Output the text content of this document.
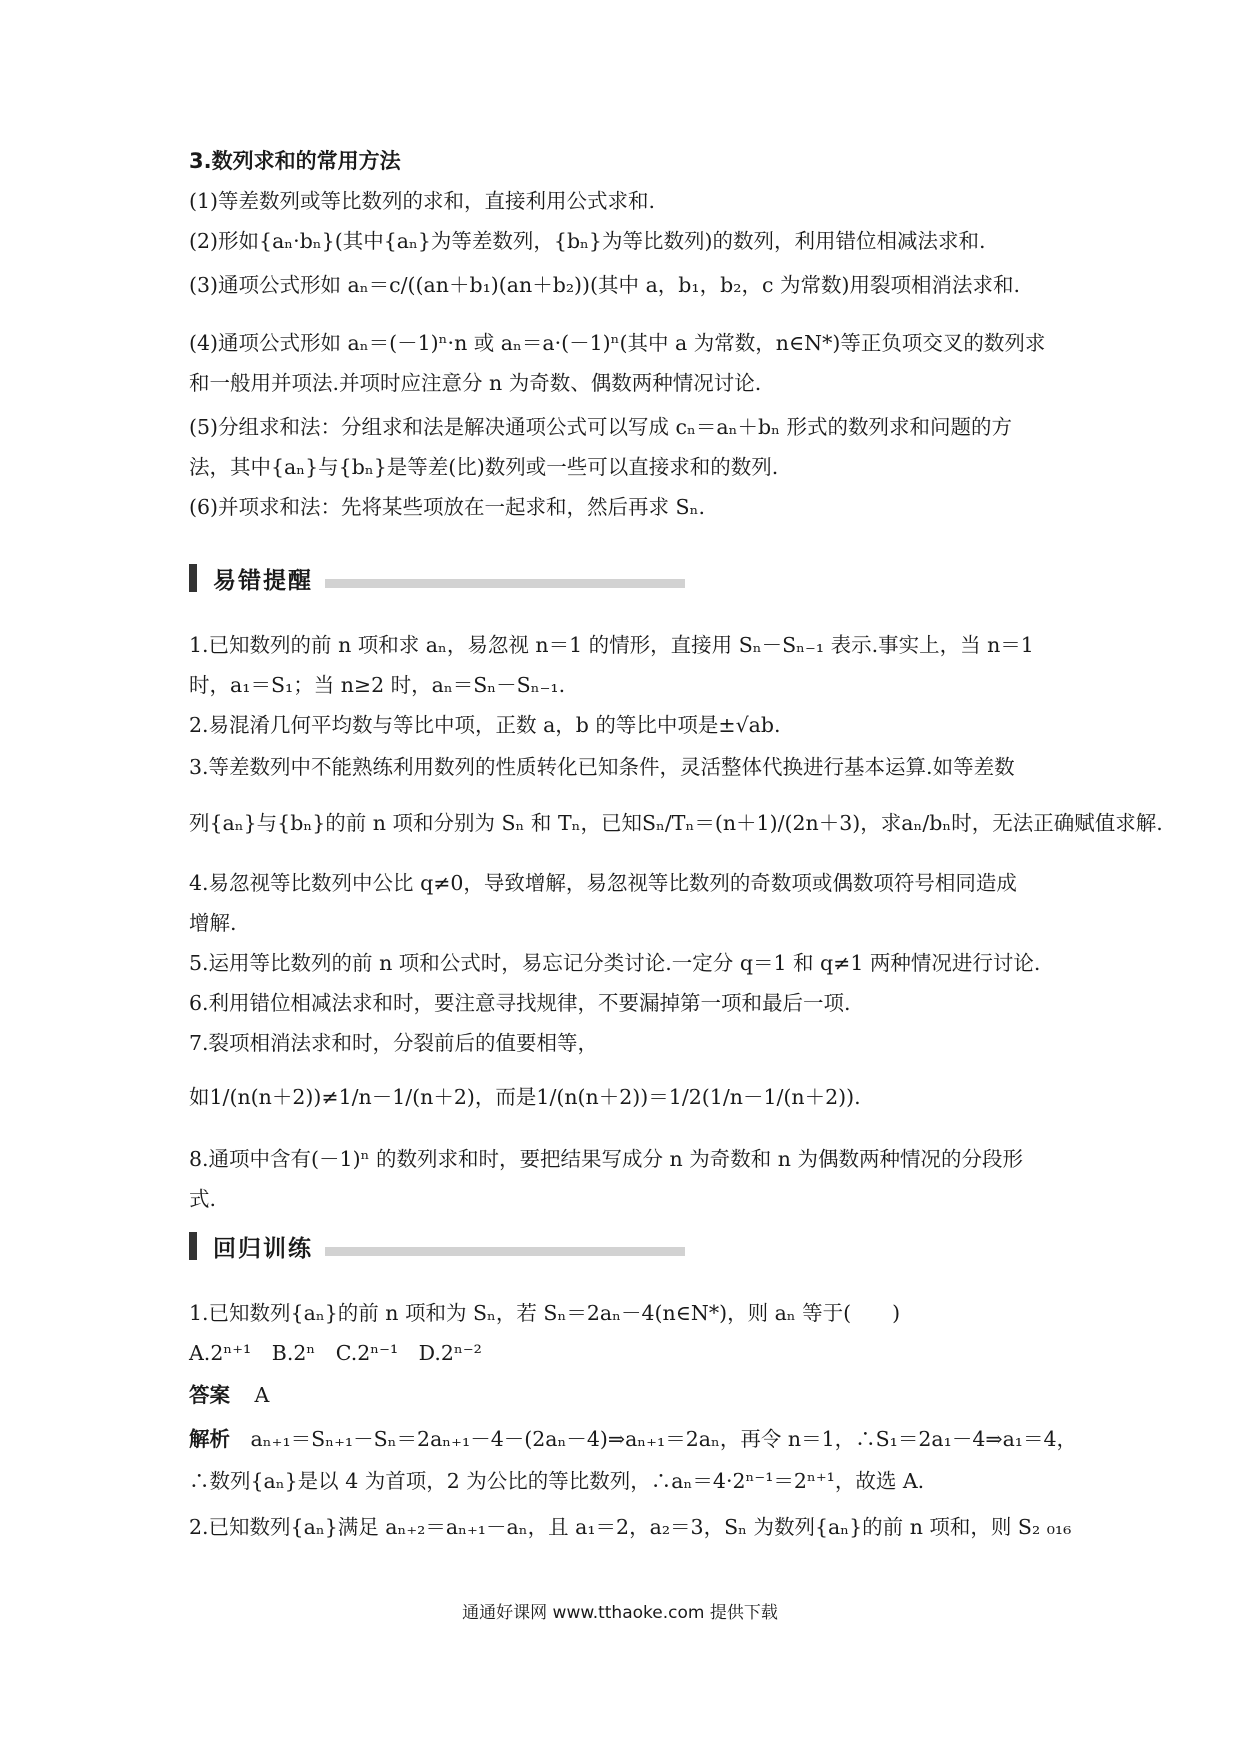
3.数列求和的常用方法
(1)等差数列或等比数列的求和，直接利用公式求和.
(2)形如{aₙ·bₙ}(其中{aₙ}为等差数列，{bₙ}为等比数列)的数列，利用错位相减法求和.
(3)通项公式形如 aₙ＝c/((an＋b₁)(an＋b₂))(其中 a，b₁，b₂，c 为常数)用裂项相消法求和.
(4)通项公式形如 aₙ＝(－1)ⁿ·n 或 aₙ＝a·(－1)ⁿ(其中 a 为常数，n∈N*)等正负项交叉的数列求
和一般用并项法.并项时应注意分 n 为奇数、偶数两种情况讨论.
(5)分组求和法：分组求和法是解决通项公式可以写成 cₙ＝aₙ＋bₙ 形式的数列求和问题的方
法，其中{aₙ}与{bₙ}是等差(比)数列或一些可以直接求和的数列.
(6)并项求和法：先将某些项放在一起求和，然后再求 Sₙ.
易错提醒
1.已知数列的前 n 项和求 aₙ，易忽视 n＝1 的情形，直接用 Sₙ－Sₙ₋₁ 表示.事实上，当 n＝1
时，a₁＝S₁；当 n≥2 时，aₙ＝Sₙ－Sₙ₋₁.
2.易混淆几何平均数与等比中项，正数 a，b 的等比中项是±√ab.
3.等差数列中不能熟练利用数列的性质转化已知条件，灵活整体代换进行基本运算.如等差数
列{aₙ}与{bₙ}的前 n 项和分别为 Sₙ 和 Tₙ，已知Sₙ/Tₙ＝(n＋1)/(2n＋3)，求aₙ/bₙ时，无法正确赋值求解.
4.易忽视等比数列中公比 q≠0，导致增解，易忽视等比数列的奇数项或偶数项符号相同造成
增解.
5.运用等比数列的前 n 项和公式时，易忘记分类讨论.一定分 q＝1 和 q≠1 两种情况进行讨论.
6.利用错位相减法求和时，要注意寻找规律，不要漏掉第一项和最后一项.
7.裂项相消法求和时，分裂前后的值要相等，
如1/(n(n＋2))≠1/n－1/(n＋2)，而是1/(n(n＋2))＝1/2(1/n－1/(n＋2)).
8.通项中含有(－1)ⁿ 的数列求和时，要把结果写成分 n 为奇数和 n 为偶数两种情况的分段形
式.
回归训练
1.已知数列{aₙ}的前 n 项和为 Sₙ，若 Sₙ＝2aₙ－4(n∈N*)，则 aₙ 等于(　　)
A.2ⁿ⁺¹　B.2ⁿ　C.2ⁿ⁻¹　D.2ⁿ⁻²
答案 A
解析 aₙ₊₁＝Sₙ₊₁－Sₙ＝2aₙ₊₁－4－(2aₙ－4)⇒aₙ₊₁＝2aₙ，再令 n＝1，∴S₁＝2a₁－4⇒a₁＝4，
∴数列{aₙ}是以 4 为首项，2 为公比的等比数列，∴aₙ＝4·2ⁿ⁻¹＝2ⁿ⁺¹，故选 A.
2.已知数列{aₙ}满足 aₙ₊₂＝aₙ₊₁－aₙ，且 a₁＝2，a₂＝3，Sₙ 为数列{aₙ}的前 n 项和，则 S₂ ₀₁₆
通通好课网 www.tthaoke.com 提供下载
